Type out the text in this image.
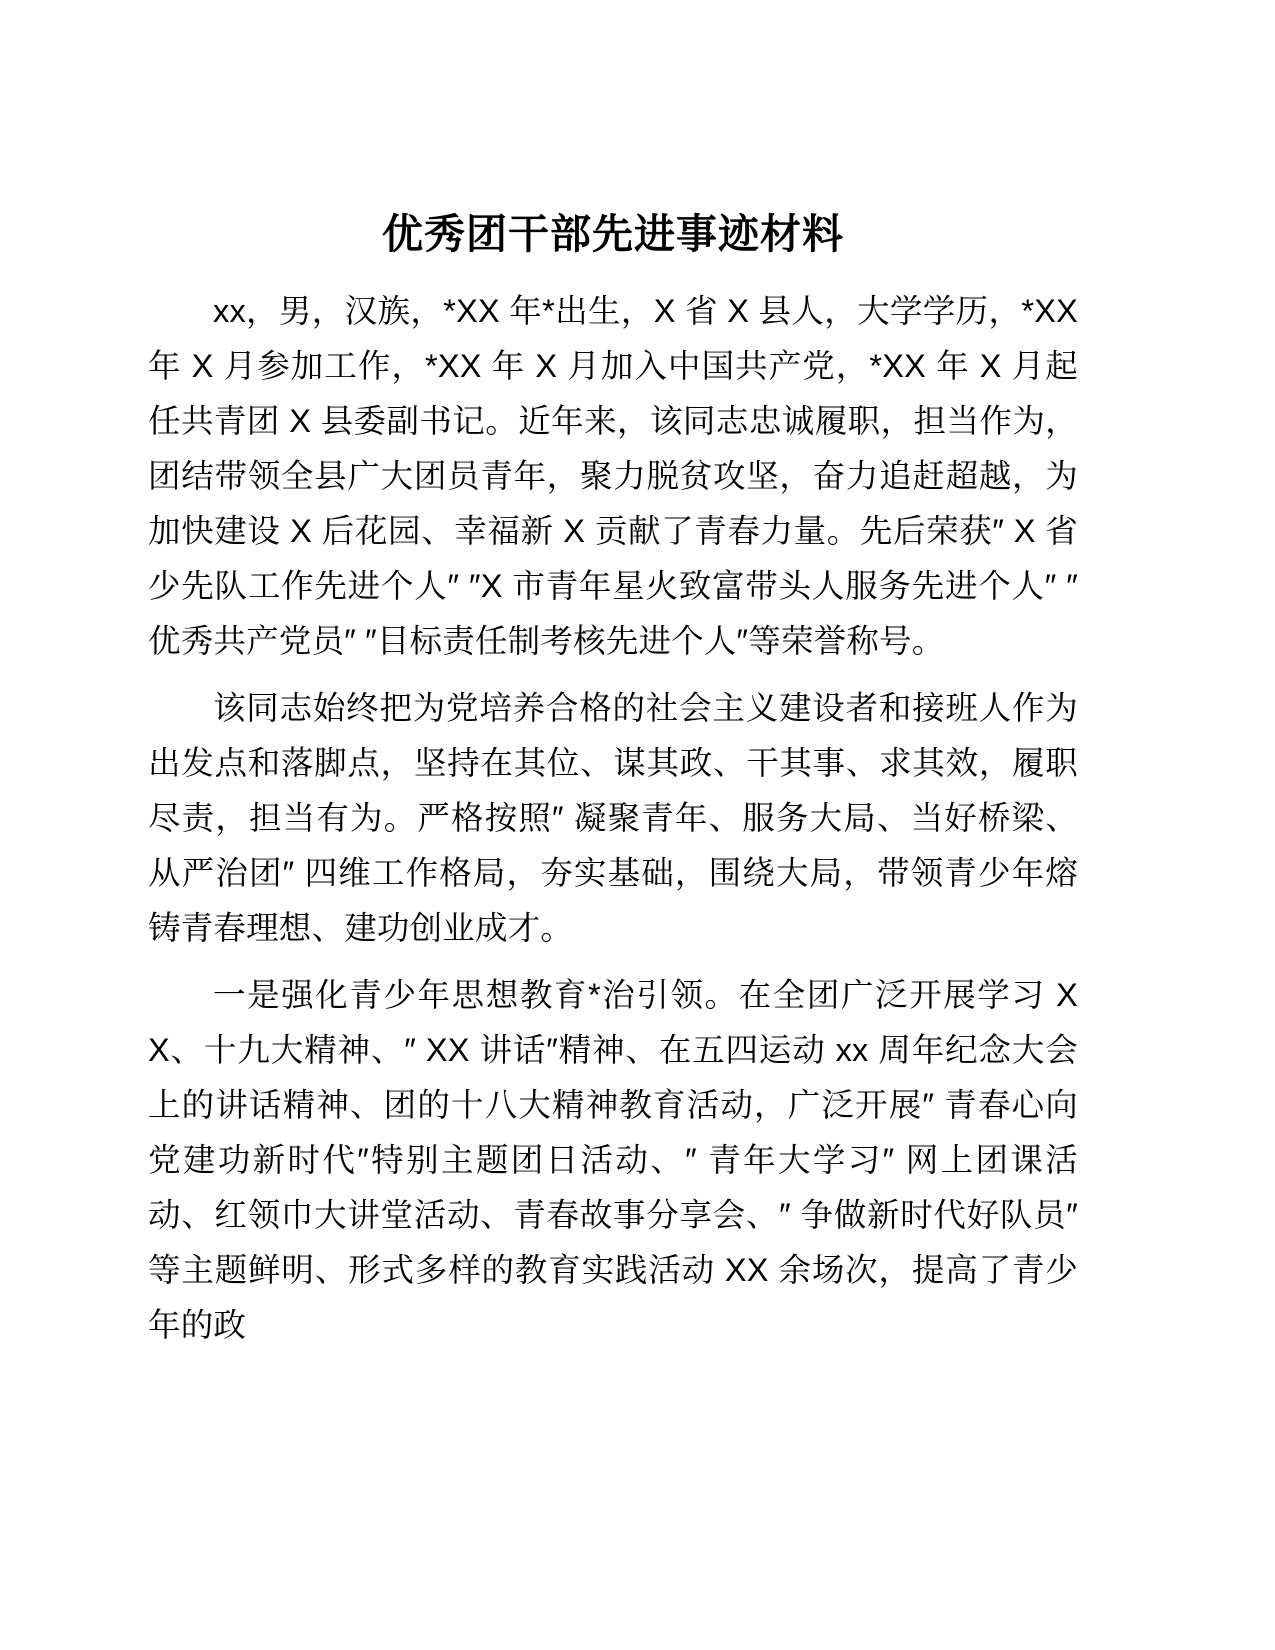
优秀团干部先进事迹材料

xx，男，汉族，*XX 年*出生，X 省 X 县人，大学学历，*XX 年 X 月参加工作，*XX 年 X 月加入中国共产党，*XX 年 X 月起任共青团 X 县委副书记。近年来，该同志忠诚履职，担当作为，团结带领全县广大团员青年，聚力脱贫攻坚，奋力追赶超越，为加快建设 X 后花园、幸福新 X 贡献了青春力量。先后荣获″ X 省少先队工作先进个人″ ″X 市青年星火致富带头人服务先进个人″ ″优秀共产党员″ ″目标责任制考核先进个人″等荣誉称号。

该同志始终把为党培养合格的社会主义建设者和接班人作为出发点和落脚点，坚持在其位、谋其政、干其事、求其效，履职尽责，担当有为。严格按照″ 凝聚青年、服务大局、当好桥梁、从严治团″ 四维工作格局，夯实基础，围绕大局，带领青少年熔铸青春理想、建功创业成才。

一是强化青少年思想教育*治引领。在全团广泛开展学习 XX、十九大精神、″ XX 讲话″精神、在五四运动 xx 周年纪念大会上的讲话精神、团的十八大精神教育活动，广泛开展″ 青春心向党建功新时代″特别主题团日活动、″ 青年大学习″ 网上团课活动、红领巾大讲堂活动、青春故事分享会、″ 争做新时代好队员″ 等主题鲜明、形式多样的教育实践活动 XX 余场次，提高了青少年的政
